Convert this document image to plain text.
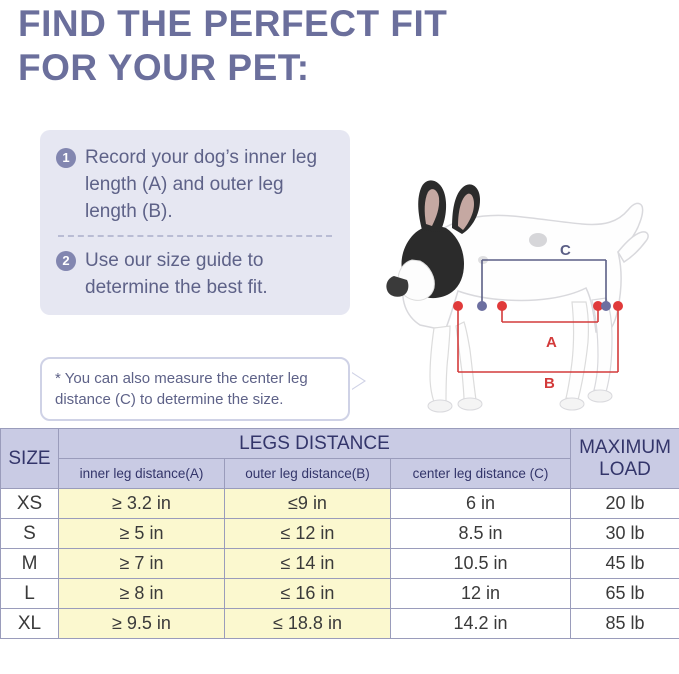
FIND THE PERFECT FIT
FOR YOUR PET:
1 Record your dog’s inner leg length (A) and outer leg length (B).
2 Use our size guide to determine the best fit.
* You can also measure the center leg distance (C) to determine the size.
A
B
C
SIZE	LEGS DISTANCE			MAXIMUM LOAD
	inner leg distance(A)	outer leg distance(B)	center leg distance (C)	
XS	≥ 3.2 in	≤9 in	6 in	20 lb
S	≥ 5 in	≤ 12 in	8.5 in	30 lb
M	≥ 7 in	≤ 14 in	10.5 in	45 lb
L	≥ 8 in	≤ 16 in	12 in	65 lb
XL	≥ 9.5 in	≤ 18.8 in	14.2 in	85 lb
